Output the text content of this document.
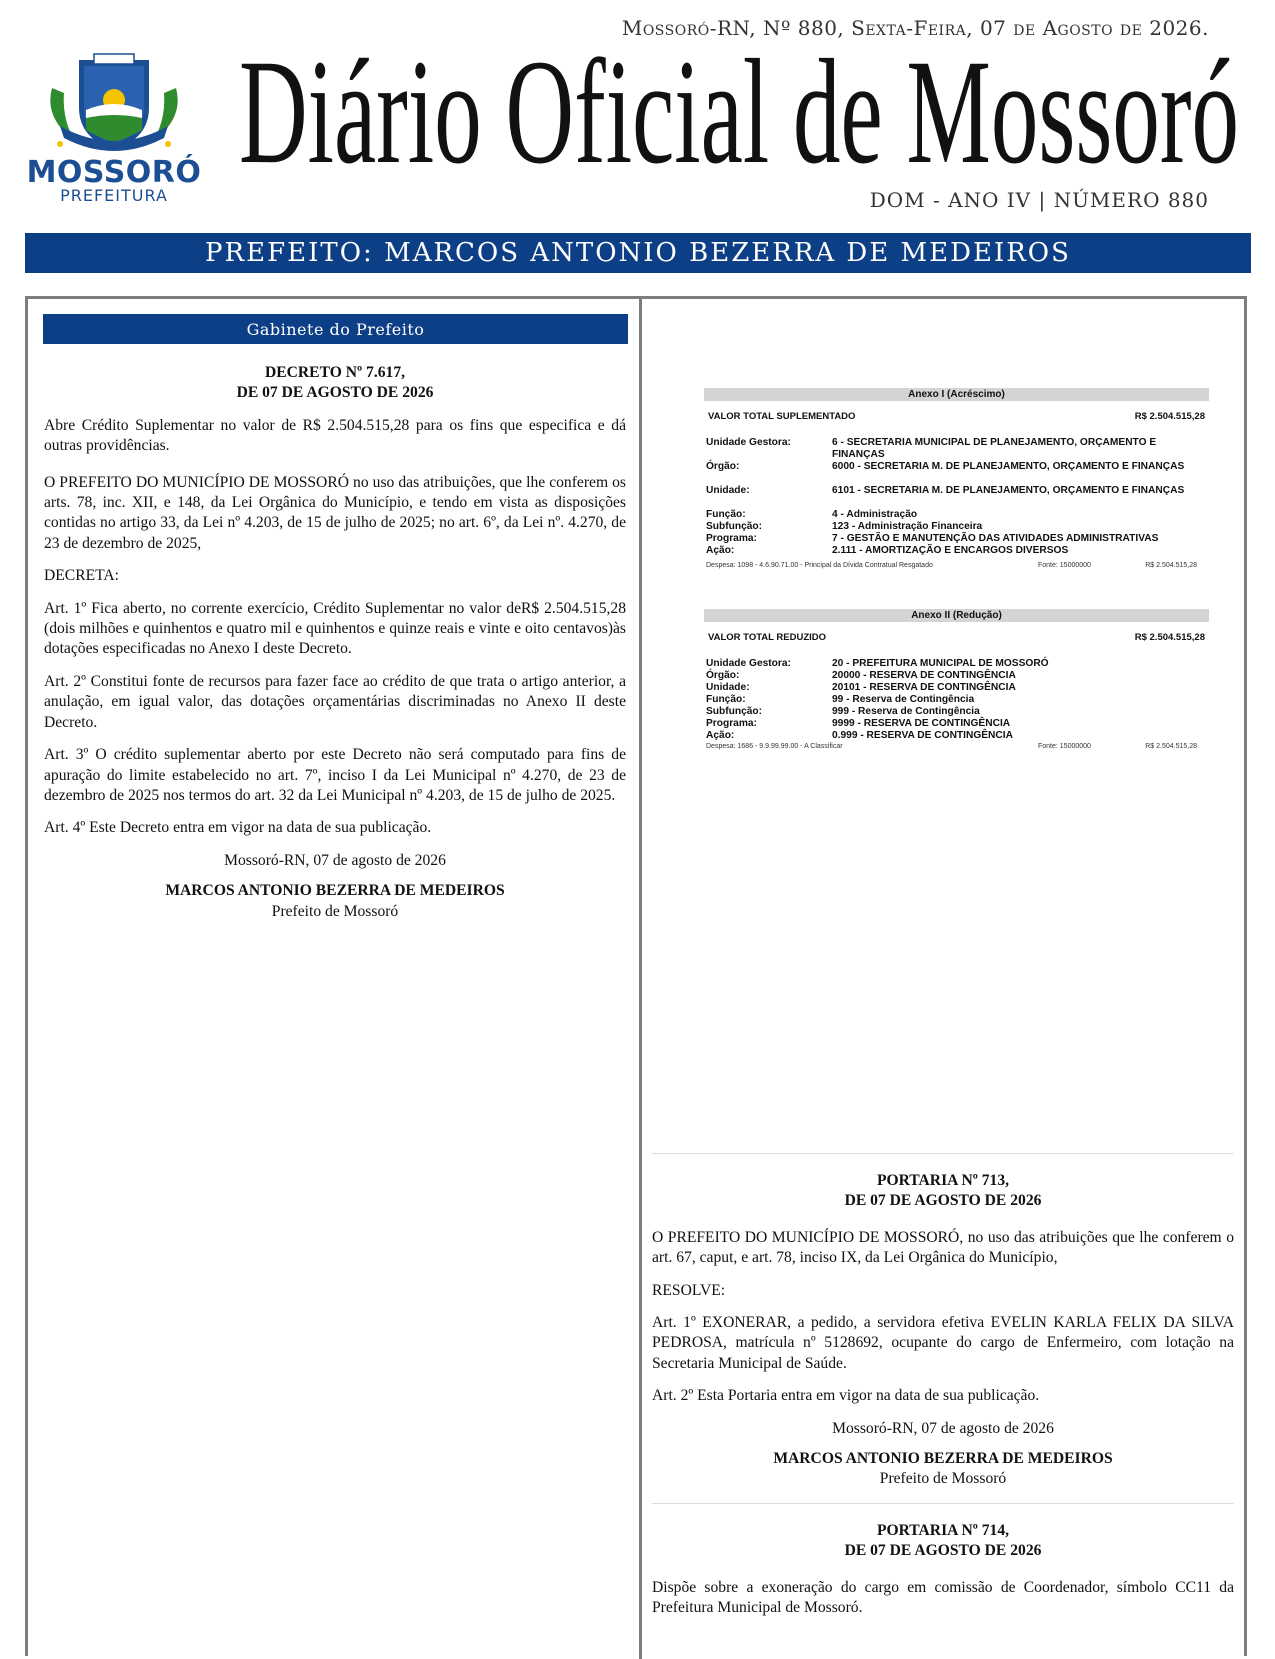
Mossoró-RN, Nº 880, Sexta-Feira, 07 de Agosto de 2026.
MOSSORÓ
PREFEITURA
Diário Oficial de Mossoró
DOM - ANO IV | NÚMERO 880
PREFEITO: MARCOS ANTONIO BEZERRA DE MEDEIROS
Gabinete do Prefeito
DECRETO Nº 7.617,
DE 07 DE AGOSTO DE 2026

Abre Crédito Suplementar no valor de R$ 2.504.515,28 para os fins que especifica e dá outras providências.

O PREFEITO DO MUNICÍPIO DE MOSSORÓ no uso das atribuições, que lhe conferem os arts. 78, inc. XII, e 148, da Lei Orgânica do Município, e tendo em vista as disposições contidas no artigo 33, da Lei nº 4.203, de 15 de julho de 2025; no art. 6º, da Lei nº. 4.270, de 23 de dezembro de 2025,

DECRETA:

Art. 1º Fica aberto, no corrente exercício, Crédito Suplementar no valor deR$ 2.504.515,28 (dois milhões e quinhentos e quatro mil e quinhentos e quinze reais e vinte e oito centavos)às dotações especificadas no Anexo I deste Decreto.

Art. 2º Constitui fonte de recursos para fazer face ao crédito de que trata o artigo anterior, a anulação, em igual valor, das dotações orçamentárias discriminadas no Anexo II deste Decreto.

Art. 3º O crédito suplementar aberto por este Decreto não será computado para fins de apuração do limite estabelecido no art. 7º, inciso I da Lei Municipal nº 4.270, de 23 de dezembro de 2025 nos termos do art. 32 da Lei Municipal nº 4.203, de 15 de julho de 2025.

Art. 4º Este Decreto entra em vigor na data de sua publicação.

Mossoró-RN, 07 de agosto de 2026
MARCOS ANTONIO BEZERRA DE MEDEIROS
Prefeito de Mossoró
Anexo I (Acréscimo)
VALOR TOTAL SUPLEMENTADO	R$ 2.504.515,28
Unidade Gestora:	6 - SECRETARIA MUNICIPAL DE PLANEJAMENTO, ORÇAMENTO E FINANÇAS
Órgão:	6000 - SECRETARIA M. DE PLANEJAMENTO, ORÇAMENTO E FINANÇAS
Unidade:	6101 - SECRETARIA M. DE PLANEJAMENTO, ORÇAMENTO E FINANÇAS
Função:	4 - Administração
Subfunção:	123 - Administração Financeira
Programa:	7 - GESTÃO E MANUTENÇÃO DAS ATIVIDADES ADMINISTRATIVAS
Ação:	2.111 - AMORTIZAÇÃO E ENCARGOS DIVERSOS
Despesa: 1098 - 4.6.90.71.00 - Principal da Dívida Contratual Resgatado	Fonte: 15000000	R$ 2.504.515,28
Anexo II (Redução)
VALOR TOTAL REDUZIDO	R$ 2.504.515,28
Unidade Gestora:	20 - PREFEITURA MUNICIPAL DE MOSSORÓ
Órgão:	20000 - RESERVA DE CONTINGÊNCIA
Unidade:	20101 - RESERVA DE CONTINGÊNCIA
Função:	99 - Reserva de Contingência
Subfunção:	999 - Reserva de Contingência
Programa:	9999 - RESERVA DE CONTINGÊNCIA
Ação:	0.999 - RESERVA DE CONTINGÊNCIA
Despesa: 1686 - 9.9.99.99.00 - A Classificar	Fonte: 15000000	R$ 2.504.515,28
PORTARIA Nº 713,
DE 07 DE AGOSTO DE 2026

O PREFEITO DO MUNICÍPIO DE MOSSORÓ, no uso das atribuições que lhe conferem o art. 67, caput, e art. 78, inciso IX, da Lei Orgânica do Município,

RESOLVE:

Art. 1º EXONERAR, a pedido, a servidora efetiva EVELIN KARLA FELIX DA SILVA PEDROSA, matrícula nº 5128692, ocupante do cargo de Enfermeiro, com lotação na Secretaria Municipal de Saúde.

Art. 2º Esta Portaria entra em vigor na data de sua publicação.

Mossoró-RN, 07 de agosto de 2026
MARCOS ANTONIO BEZERRA DE MEDEIROS
Prefeito de Mossoró
PORTARIA Nº 714,
DE 07 DE AGOSTO DE 2026

Dispõe sobre a exoneração do cargo em comissão de Coordenador, símbolo CC11 da Prefeitura Municipal de Mossoró.
